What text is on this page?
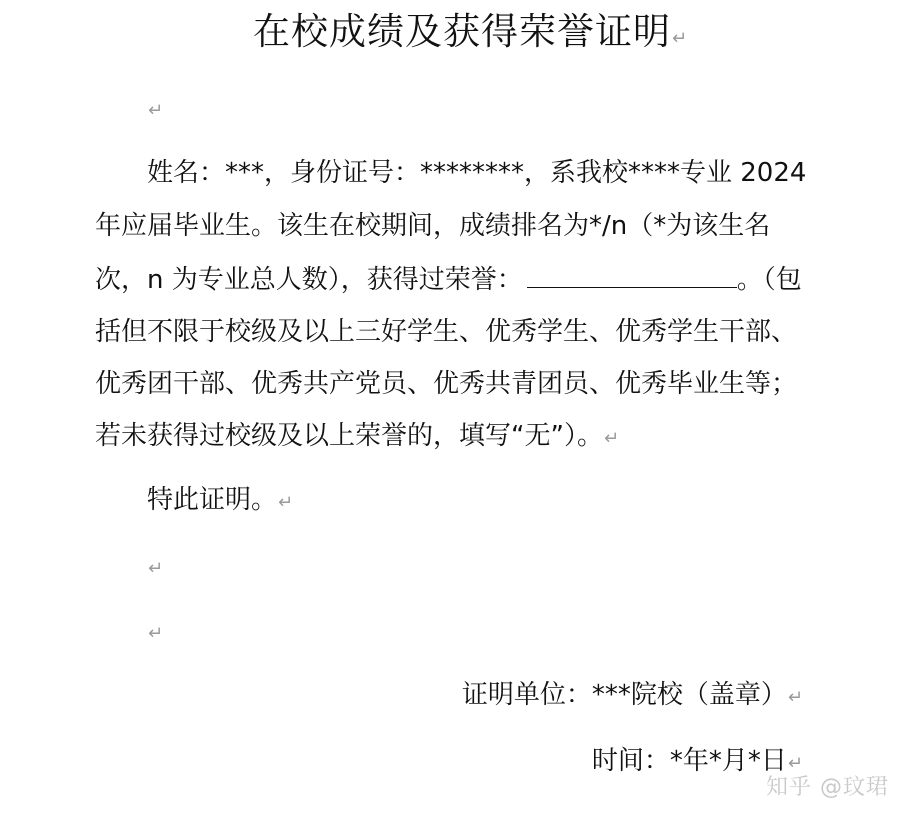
在校成绩及获得荣誉证明↵
↵
姓名：***，身份证号：********，系我校****专业 2024
年应届毕业生。该生在校期间，成绩排名为*/n（*为该生名
次，n 为专业总人数），获得过荣誉：	。（包
括但不限于校级及以上三好学生、优秀学生、优秀学生干部、
优秀团干部、优秀共产党员、优秀共青团员、优秀毕业生等；
若未获得过校级及以上荣誉的，填写“无”）。↵
特此证明。↵
↵
↵
证明单位：***院校（盖章）↵
时间：*年*月*日↵
知乎 @玟珺
